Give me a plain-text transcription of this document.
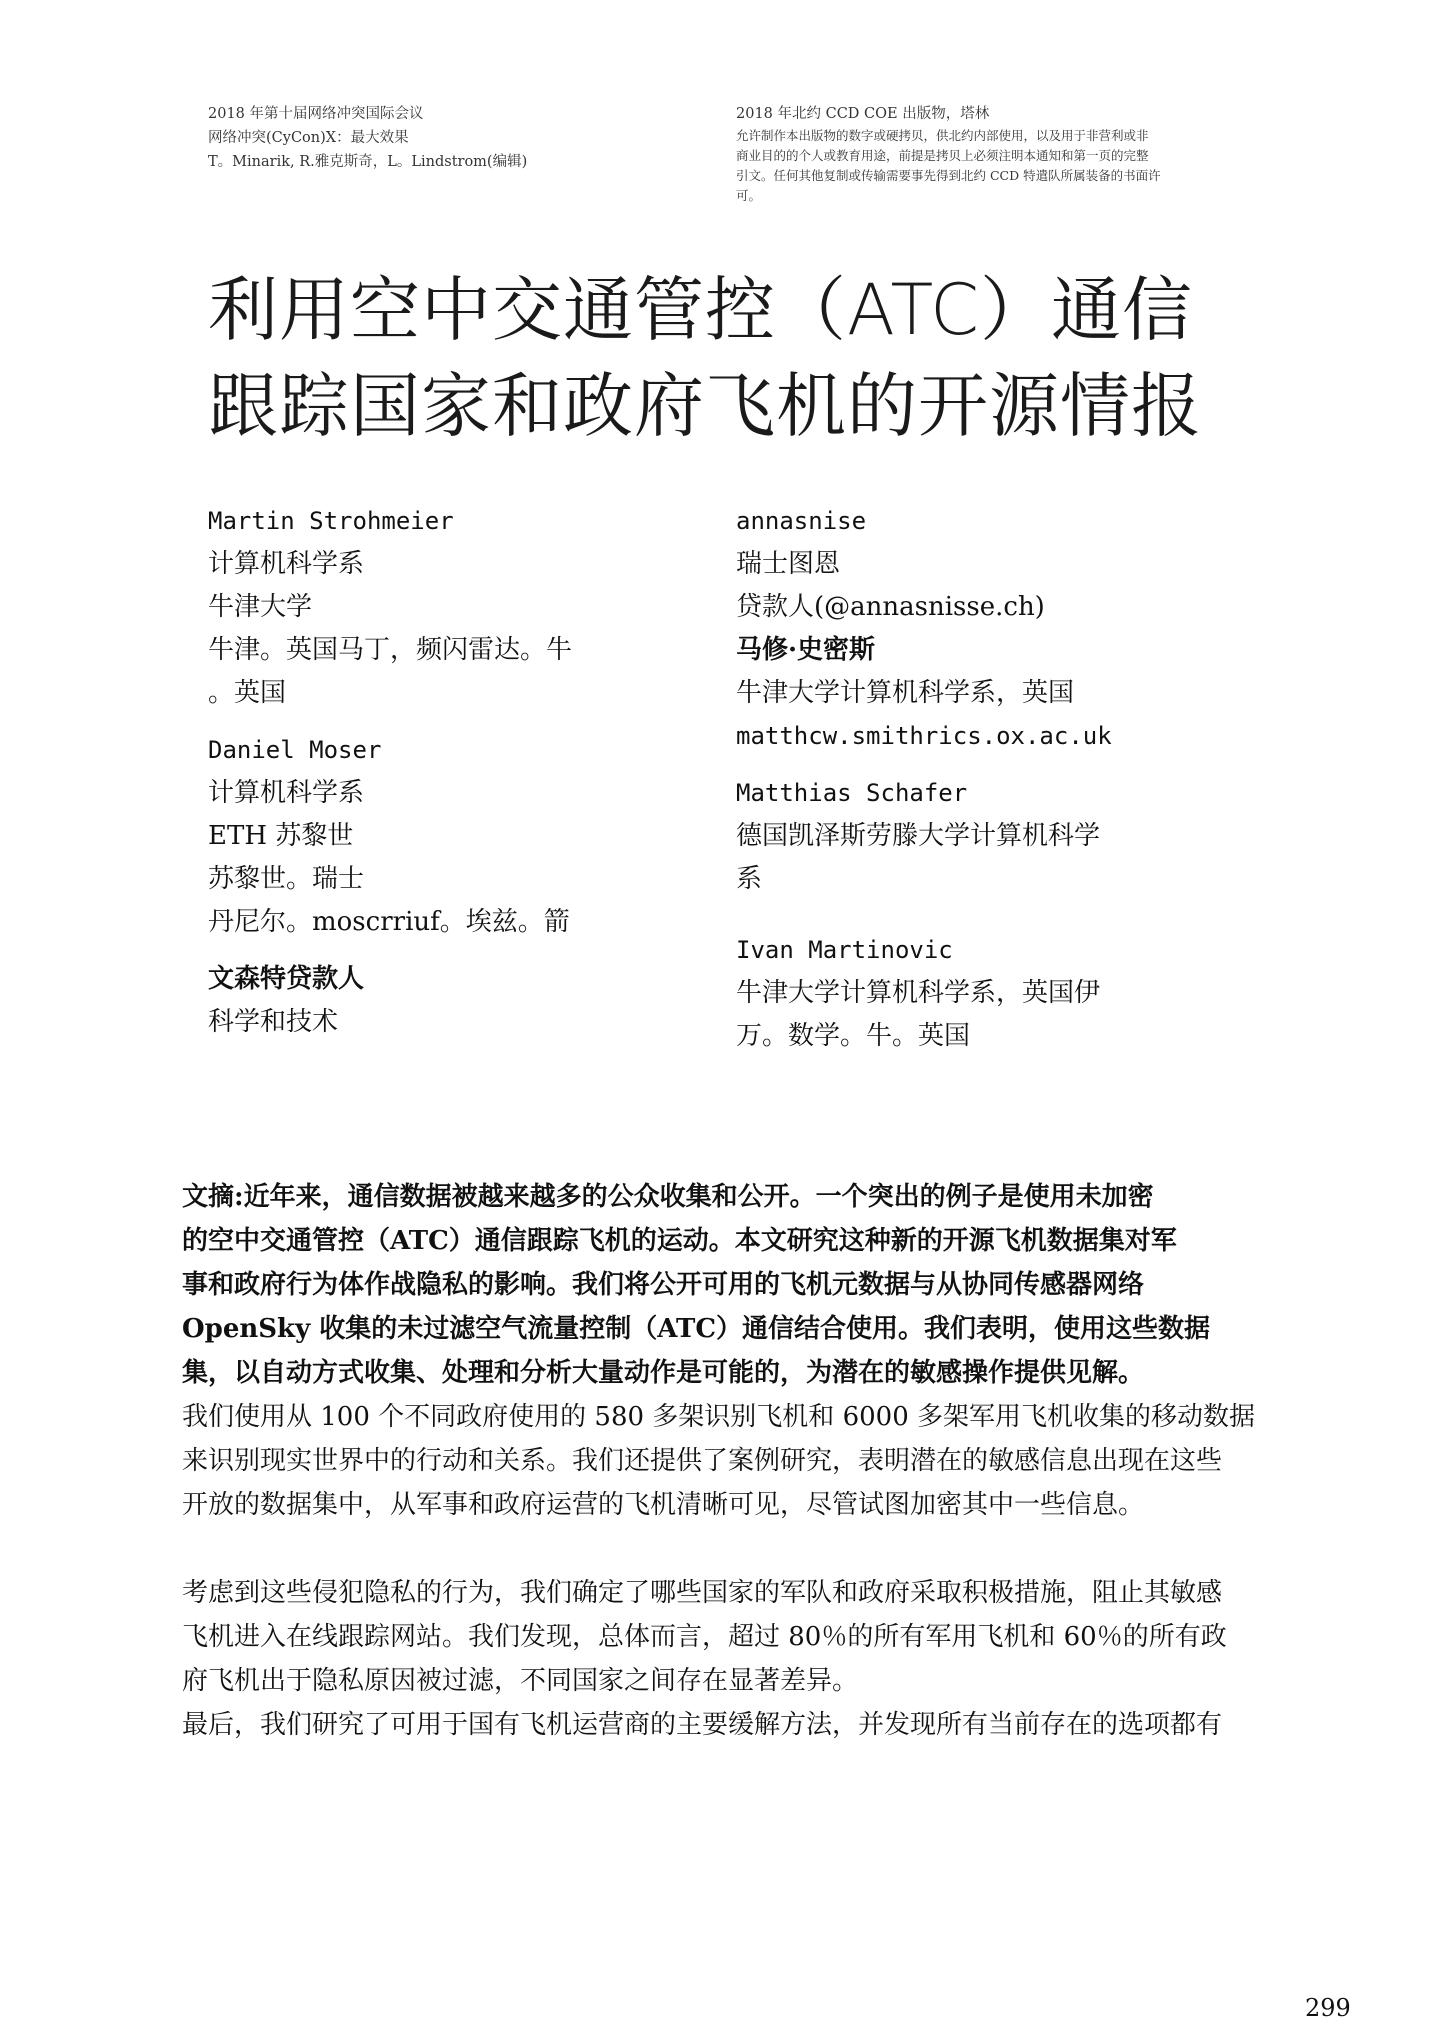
2018 年第十届网络冲突国际会议
网络冲突(CyCon)X：最大效果
T。Minarik, R.雅克斯奇，L。Lindstrom(编辑)
2018 年北约 CCD COE 出版物，塔林
允许制作本出版物的数字或硬拷贝，供北约内部使用，以及用于非营利或非
商业目的的个人或教育用途，前提是拷贝上必须注明本通知和第一页的完整
引文。任何其他复制或传输需要事先得到北约 CCD 特遣队所属装备的书面许
可。
利用空中交通管控（ATC）通信
跟踪国家和政府飞机的开源情报
Martin Strohmeier
计算机科学系
牛津大学
牛津。英国马丁，频闪雷达。牛
。英国
Daniel Moser
计算机科学系
ETH 苏黎世
苏黎世。瑞士
丹尼尔。moscrriuf。埃兹。箭
文森特贷款人
科学和技术
annasnise
瑞士图恩
贷款人(@annasnisse.ch)
马修·史密斯
牛津大学计算机科学系，英国
matthcw.smithrics.ox.ac.uk
Matthias Schafer
德国凯泽斯劳滕大学计算机科学
系
Ivan Martinovic
牛津大学计算机科学系，英国伊
万。数学。牛。英国

文摘:近年来，通信数据被越来越多的公众收集和公开。一个突出的例子是使用未加密
的空中交通管控（ATC）通信跟踪飞机的运动。本文研究这种新的开源飞机数据集对军
事和政府行为体作战隐私的影响。我们将公开可用的飞机元数据与从协同传感器网络
OpenSky 收集的未过滤空气流量控制（ATC）通信结合使用。我们表明，使用这些数据
集，以自动方式收集、处理和分析大量动作是可能的，为潜在的敏感操作提供见解。

我们使用从 100 个不同政府使用的 580 多架识别飞机和 6000 多架军用飞机收集的移动数据
来识别现实世界中的行动和关系。我们还提供了案例研究，表明潜在的敏感信息出现在这些
开放的数据集中，从军事和政府运营的飞机清晰可见，尽管试图加密其中一些信息。

考虑到这些侵犯隐私的行为，我们确定了哪些国家的军队和政府采取积极措施，阻止其敏感
飞机进入在线跟踪网站。我们发现，总体而言，超过 80％的所有军用飞机和 60％的所有政
府飞机出于隐私原因被过滤，不同国家之间存在显著差异。

最后，我们研究了可用于国有飞机运营商的主要缓解方法，并发现所有当前存在的选项都有

299
